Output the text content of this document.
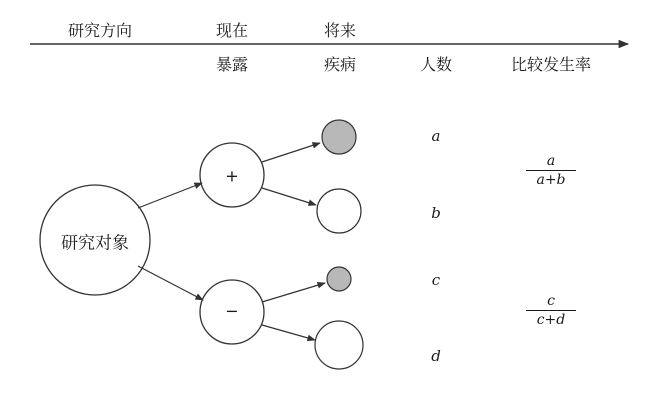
研究方向	现在	将来
暴露	疾病	人数	比较发生率
研究对象
+
−
a
b
c
d
a
a+b
c
c+d
